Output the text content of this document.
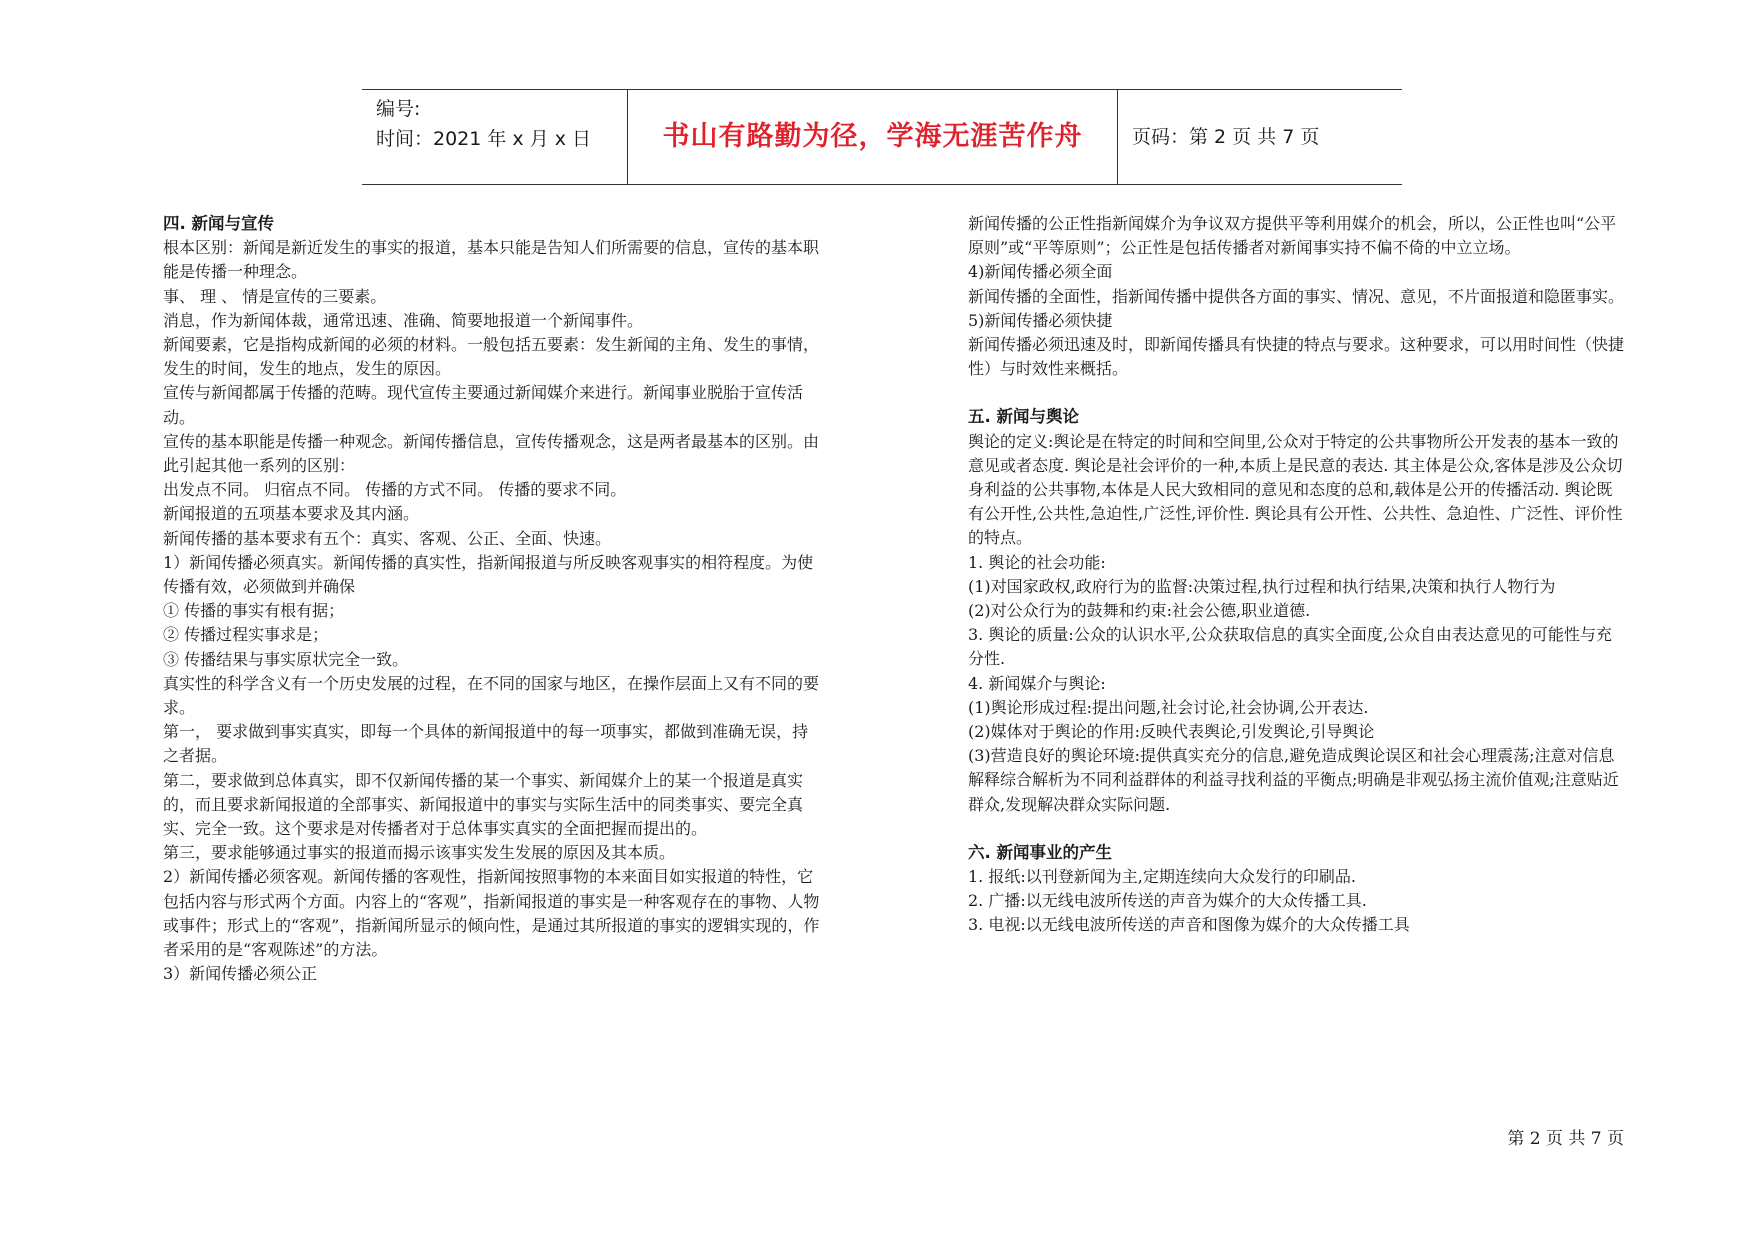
编号:
时间：2021 年 x 月 x 日	书山有路勤为径，学海无涯苦作舟	页码：第 2 页 共 7 页
四. 新闻与宣传

根本区别：新闻是新近发生的事实的报道，基本只能是告知人们所需要的信息，宣传的基本职能是传播一种理念。

事、 理 、 情是宣传的三要素。

消息，作为新闻体裁，通常迅速、准确、简要地报道一个新闻事件。

新闻要素，它是指构成新闻的必须的材料。一般包括五要素：发生新闻的主角、发生的事情，发生的时间，发生的地点，发生的原因。

宣传与新闻都属于传播的范畴。现代宣传主要通过新闻媒介来进行。新闻事业脱胎于宣传活动。

宣传的基本职能是传播一种观念。新闻传播信息，宣传传播观念，这是两者最基本的区别。由此引起其他一系列的区别：

出发点不同。 归宿点不同。 传播的方式不同。 传播的要求不同。

新闻报道的五项基本要求及其内涵。

新闻传播的基本要求有五个：真实、客观、公正、全面、快速。

1）新闻传播必须真实。新闻传播的真实性，指新闻报道与所反映客观事实的相符程度。为使传播有效，必须做到并确保

① 传播的事实有根有据；

② 传播过程实事求是；

③ 传播结果与事实原状完全一致。

真实性的科学含义有一个历史发展的过程，在不同的国家与地区，在操作层面上又有不同的要求。

第一， 要求做到事实真实，即每一个具体的新闻报道中的每一项事实，都做到准确无误，持之者据。

第二，要求做到总体真实，即不仅新闻传播的某一个事实、新闻媒介上的某一个报道是真实的，而且要求新闻报道的全部事实、新闻报道中的事实与实际生活中的同类事实、要完全真实、完全一致。这个要求是对传播者对于总体事实真实的全面把握而提出的。

第三，要求能够通过事实的报道而揭示该事实发生发展的原因及其本质。

2）新闻传播必须客观。新闻传播的客观性，指新闻按照事物的本来面目如实报道的特性，它包括内容与形式两个方面。内容上的“客观”，指新闻报道的事实是一种客观存在的事物、人物或事件；形式上的“客观”，指新闻所显示的倾向性，是通过其所报道的事实的逻辑实现的，作者采用的是“客观陈述”的方法。

3）新闻传播必须公正

新闻传播的公正性指新闻媒介为争议双方提供平等利用媒介的机会，所以，公正性也叫“公平原则”或“平等原则”；公正性是包括传播者对新闻事实持不偏不倚的中立立场。

4)新闻传播必须全面

新闻传播的全面性，指新闻传播中提供各方面的事实、情况、意见，不片面报道和隐匿事实。

5)新闻传播必须快捷

新闻传播必须迅速及时，即新闻传播具有快捷的特点与要求。这种要求，可以用时间性（快捷性）与时效性来概括。

五. 新闻与舆论

舆论的定义:舆论是在特定的时间和空间里,公众对于特定的公共事物所公开发表的基本一致的意见或者态度. 舆论是社会评价的一种,本质上是民意的表达. 其主体是公众,客体是涉及公众切身利益的公共事物,本体是人民大致相同的意见和态度的总和,载体是公开的传播活动. 舆论既有公开性,公共性,急迫性,广泛性,评价性. 舆论具有公开性、公共性、急迫性、广泛性、评价性的特点。

1. 舆论的社会功能:

(1)对国家政权,政府行为的监督:决策过程,执行过程和执行结果,决策和执行人物行为

(2)对公众行为的鼓舞和约束:社会公德,职业道德.

3. 舆论的质量:公众的认识水平,公众获取信息的真实全面度,公众自由表达意见的可能性与充分性.

4. 新闻媒介与舆论:

(1)舆论形成过程:提出问题,社会讨论,社会协调,公开表达.

(2)媒体对于舆论的作用:反映代表舆论,引发舆论,引导舆论

(3)营造良好的舆论环境:提供真实充分的信息,避免造成舆论误区和社会心理震荡;注意对信息解释综合解析为不同利益群体的利益寻找利益的平衡点;明确是非观弘扬主流价值观;注意贴近群众,发现解决群众实际问题.

六. 新闻事业的产生

1. 报纸:以刊登新闻为主,定期连续向大众发行的印刷品.

2. 广播:以无线电波所传送的声音为媒介的大众传播工具.

3. 电视:以无线电波所传送的声音和图像为媒介的大众传播工具

第 2 页 共 7 页
